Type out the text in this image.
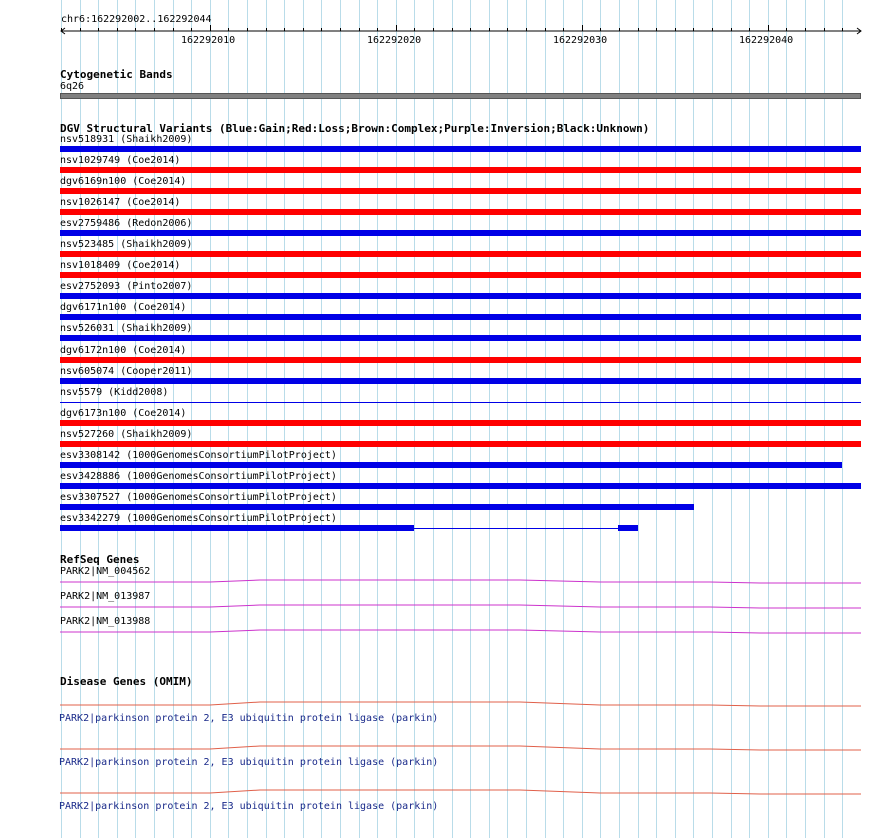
chr6:162292002..162292044
162292010	162292020	162292030	162292040
Cytogenetic Bands
6q26
DGV Structural Variants (Blue:Gain;Red:Loss;Brown:Complex;Purple:Inversion;Black:Unknown)
nsv518931 (Shaikh2009)
nsv1029749 (Coe2014)
dgv6169n100 (Coe2014)
nsv1026147 (Coe2014)
esv2759486 (Redon2006)
nsv523485 (Shaikh2009)
nsv1018409 (Coe2014)
esv2752093 (Pinto2007)
dgv6171n100 (Coe2014)
nsv526031 (Shaikh2009)
dgv6172n100 (Coe2014)
nsv605074 (Cooper2011)
nsv5579 (Kidd2008)
dgv6173n100 (Coe2014)
nsv527260 (Shaikh2009)
esv3308142 (1000GenomesConsortiumPilotProject)
esv3428886 (1000GenomesConsortiumPilotProject)
esv3307527 (1000GenomesConsortiumPilotProject)
esv3342279 (1000GenomesConsortiumPilotProject)
RefSeq Genes
PARK2|NM_004562
PARK2|NM_013987
PARK2|NM_013988
Disease Genes (OMIM)
PARK2|parkinson protein 2, E3 ubiquitin protein ligase (parkin)
PARK2|parkinson protein 2, E3 ubiquitin protein ligase (parkin)
PARK2|parkinson protein 2, E3 ubiquitin protein ligase (parkin)
